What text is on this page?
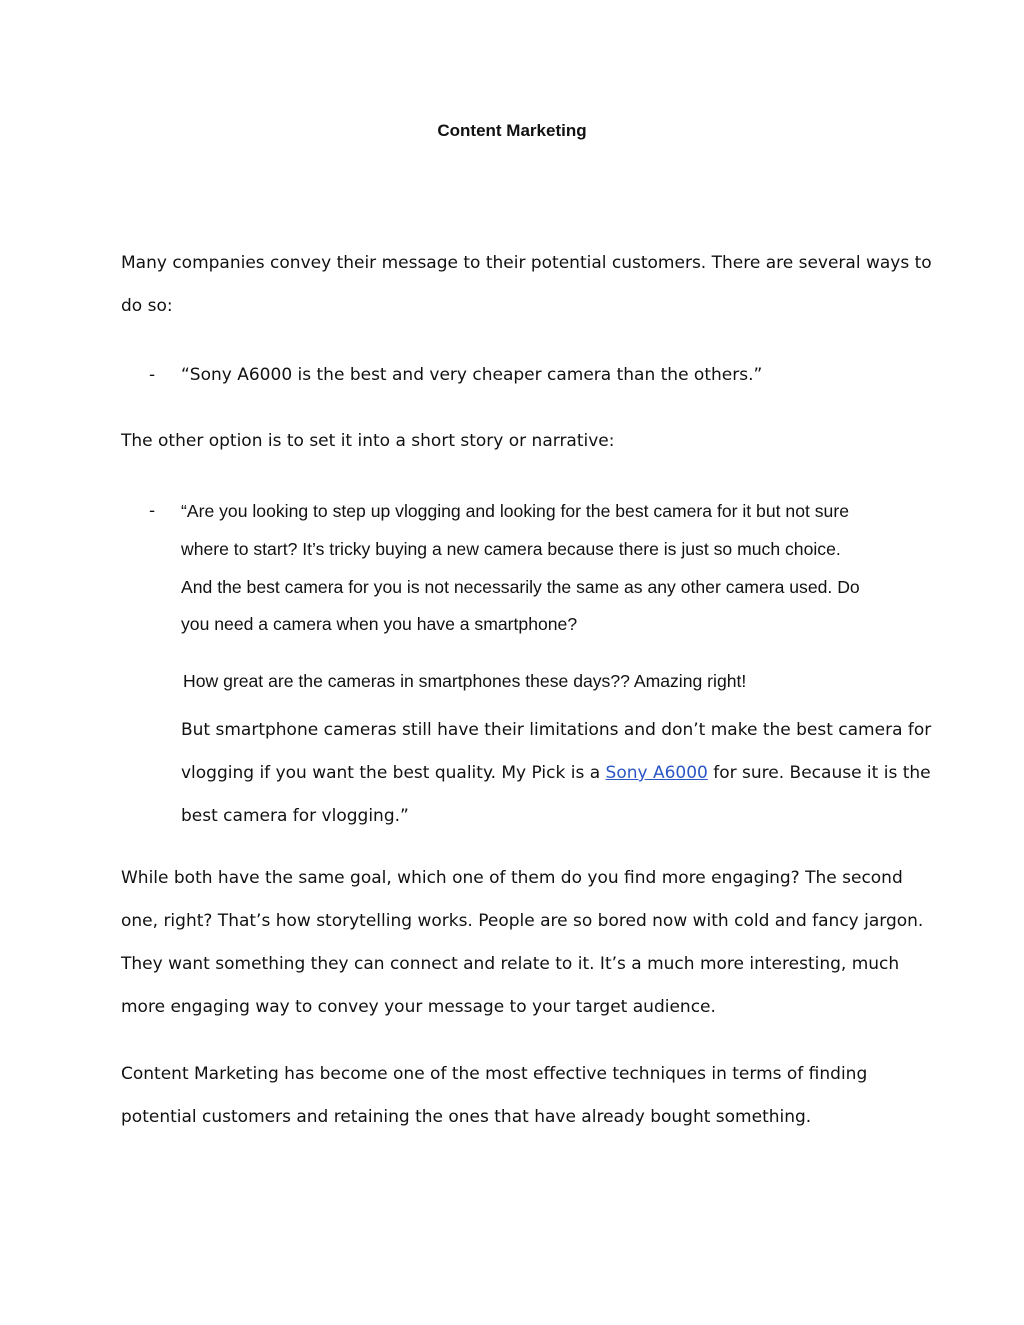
Content Marketing

Many companies convey their message to their potential customers. There are several ways to
do so:

- “Sony A6000 is the best and very cheaper camera than the others.”

The other option is to set it into a short story or narrative:

- “Are you looking to step up vlogging and looking for the best camera for it but not sure
where to start? It’s tricky buying a new camera because there is just so much choice.
And the best camera for you is not necessarily the same as any other camera used. Do
you need a camera when you have a smartphone?

How great are the cameras in smartphones these days?? Amazing right!

But smartphone cameras still have their limitations and don’t make the best camera for
vlogging if you want the best quality. My Pick is a Sony A6000 for sure. Because it is the
best camera for vlogging.”

While both have the same goal, which one of them do you find more engaging? The second
one, right? That’s how storytelling works. People are so bored now with cold and fancy jargon.
They want something they can connect and relate to it. It’s a much more interesting, much
more engaging way to convey your message to your target audience.

Content Marketing has become one of the most effective techniques in terms of finding
potential customers and retaining the ones that have already bought something.
